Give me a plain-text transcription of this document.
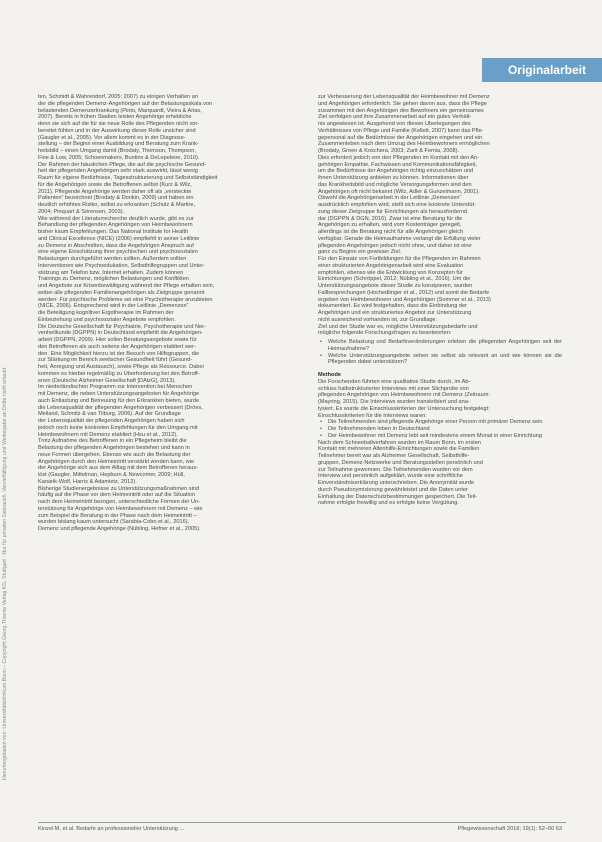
Originalarbeit
Heruntergeladen von: Universitätsklinikum Bonn – Copyright Georg Thieme Verlag KG, Stuttgart · Nur für privaten Gebrauch. Vervielfältigung und Weitergabe an Dritte nicht erlaubt.
ten, Schmidt & Wahrendorf, 2005; 2007) zu einigen Verhalten an
der die pflegenden Demenz-Angehörigen auf der Belastungsskala von
belastenden Demenzerkrankung (Pinto, Marquardt, Vieira & Arias,
2007). Bereits in frühen Stadien leisten Angehörige erhebliche
denn sie sich auf die für sie neue Rolle des Pflegenden nicht vor-
bereitet fühlen und in der Auswirkung dieser Rolle unsicher sind
(Gaugler et al., 2005). Vor allem kommt es in der Diagnose-
stellung – der Beginn einer Ausbildung und Beratung zum Krank-
heitsbild – einen Umgang damit (Brodaty, Thomson, Thompson,
Fine & Low, 2005; Schoenmakers, Buntinx & DeLepeleire, 2010).
Der Rahmen der häuslichen Pflege, die auf die psychische Gesund-
heit der pflegenden Angehörigen sehr stark auswirkt, lässt wenig
Raum für eigene Bedürfnisse, Tagesstrukturierung und Selbstständigkeit
für die Angehörigen sowie die Betroffenen selbst (Kurz & Wilz,
2011). Pflegende Angehörige werden daher oft als „versteckte
Patienten“ bezeichnet (Brodaty & Donkin, 2009) und haben ein
deutlich erhöhtes Risiko, selbst zu erkranken (Schulz & Martire,
2004; Pinquart & Sörensen, 2003).
Wie während der Literaturrecherche deutlich wurde, gibt es zur
Behandlung der pflegenden Angehörigen von Heimbewohnern
bisher kaum Empfehlungen. Das National Institute for Health
and Clinical Excellence (NICE) (2006) empfiehlt in seiner Leitlinie
zu Demenz in Abschnitten, dass die Angehörigen Anspruch auf
eine eigene Einschätzung ihrer psychischen und psychosozialen
Belastungen durchgeführt werden sollten. Außerdem sollten
Interventionen wie Psychoedukation, Selbsthilfegruppen und Unter-
stützung am Telefon bzw. Internet erhalten. Zudem können
Trainings zu Demenz, möglichen Belastungen und Konflikten
und Angebote zur Krisenbewältigung während der Pflege erhalten sein,
wobei alle pflegenden Familienangehörigen als Zielgruppe genannt
werden. Für psychische Probleme sei eine Psychotherapie anzubieten
(NICE, 2006). Entsprechend wird in der Leitlinie „Demenzen“
die Beteiligung kognitiver Ergotherapie im Rahmen der
Einbeziehung und psychosozialer Angebote empfohlen.
Die Deutsche Gesellschaft für Psychiatrie, Psychotherapie und Ner-
venheilkunde (DGPPN) in Deutschland empfiehlt die Angehörigen-
arbeit (DGPPN, 2009). Hier sollen Beratungsangebote sowie für
den Betroffenen als auch seitens der Angehörigen etabliert wer-
den. Eine Möglichkeit hierzu ist der Besuch von Hilfsgruppen, die
zur Stärkung im Bereich seelischer Gesundheit führt (Gesund-
heit, Anregung und Austausch), sowie Pflege als Ressource. Dabei
kommen es hierbei regelmäßig zu Überforderung bei den Betroff-
enen (Deutsche Alzheimer Gesellschaft [DAlzG], 2013).
Im niederländischen Programm zur Intervention bei Menschen
mit Demenz, die neben Unterstützungsangeboten für Angehörige
auch Entlastung und Betreuung für den Erkrankten bieten, wurde
die Lebensqualität der pflegenden Angehörigen verbessert (Dröes,
Meiland, Schmitz & van Tilburg, 2006). Auf der Grundlage
der Lebensqualität der pflegenden Angehörigen haben sich
jedoch noch keine konkreten Empfehlungen für den Umgang mit
Heimbewohnern mit Demenz etabliert (Hsu et al., 2012).
Trotz Aufnahme des Betroffenen in ein Pflegeheim bleibt die
Belastung der pflegenden Angehörigen bestehen und kann in
neue Formen übergehen. Ebenso wie auch die Belastung der
Angehörigen durch den Heimeintritt verstärkt werden kann, wie
der Angehörige sich aus dem Alltag mit dem Betroffenen heraus-
löst (Gaugler, Mittelman, Hepburn & Newcomer, 2009; Hüll,
Kanarik-Wolf, Harris & Adamietz, 2012).
Bisherige Studienergebnisse zu Unterstützungsmaßnahmen sind
häufig auf die Phase vor dem Heimeintritt oder auf die Situation
nach dem Heimeintritt bezogen, unterschiedliche Formen der Un-
terstützung für Angehörige von Heimbewohnern mit Demenz – wie
zum Beispiel die Beratung in der Phase nach dem Heimeintritt –
wurden bislang kaum untersucht (Sarabia-Cobo et al., 2016).
Demenz und pflegende Angehörige (Nübling, Hefner et al., 2005).
zur Verbesserung der Lebensqualität der Heimbewohner mit Demenz
und Angehörigen erforderlich. Sie gehen davon aus, dass die Pflege
zusammen mit den Angehörigen des Bewohners ein gemeinsames
Ziel verfolgen und ihre Zusammenarbeit auf ein gutes Verhält-
nis angewiesen ist. Ausgehend von diesen Überlegungen des
Verhältnisses von Pflege und Familie (Kellett, 2007) kann das Pfle-
gepersonal auf die Bedürfnisse der Angehörigen eingehen und ein
Zusammenleben nach dem Umzug des Heimbewohners ermöglichen
(Brodaty, Green & Koschera, 2003; Zarit & Femia, 2008).
Dies erfordert jedoch von den Pflegenden im Kontakt mit den An-
gehörigen Empathie, Fachwissen und Kommunikationsfähigkeit,
um die Bedürfnisse der Angehörigen richtig einzuschätzen und
ihnen Unterstützung anbieten zu können. Informationen über
das Krankheitsbild und mögliche Versorgungsformen sind den
Angehörigen oft nicht bekannt (Wilz, Adler & Gunzelmann, 2001).
Obwohl die Angehörigenarbeit in der Leitlinie „Demenzen“
ausdrücklich empfohlen wird, stellt sich eine konkrete Unterstüt-
zung dieser Zielgruppe für Einrichtungen als herausfordernd
dar (DGPPN & DGN, 2016). Zwar ist eine Beratung für die
Angehörigen zu erhalten, wird vom Kostenträger geregelt,
allerdings ist die Beratung nicht für alle Angehörigen gleich
verfügbar. Gerade die Heimaufnahme verlangt die Erfüllung vieler
pflegenden Angehörigen jedoch nicht ohne, und daher ist eine
ganz zu Beginn ein gewisser Ziel.
Für den Einsatz von Fortbildungen für die Pflegenden im Rahmen
einer strukturierten Angehörigenarbeit wird eine Evaluation
empfohlen, ebenso wie die Entwicklung von Konzepten für
Einrichtungen (Schröppel, 2012; Nübling et al., 2016). Um die
Unterstützungsangebote dieser Studie zu konzipieren, wurden
Fallbesprechungen (Hochedlinger et al., 2012) und somit die Bedarfe
ergeben von Heimbewohnern und Angehörigen (Sommer et al., 2013)
dokumentiert. Es wird festgehalten, dass die Einbindung der
Angehörigen und ein strukturiertes Angebot zur Unterstützung
nicht ausreichend vorhanden ist, zur Grundlage.
Ziel und der Studie war es, mögliche Unterstützungsbedarfe und
mögliche folgende Forschungsfragen zu beantworten:

• Welche Belastung und Bedarfsveränderungen erleben die pflegenden Angehörigen seit der Heimaufnahme?

• Welche Unterstützungsangebote sehen sie selbst als relevant an und wie können sie die Pflegenden dabei unterstützen?

Methode

Die Forschenden führten eine qualitative Studie durch, im Ab-
schluss halbstrukturierter Interviews mit einer Stichprobe von
pflegenden Angehörigen von Heimbewohnern mit Demenz (Zeitraum:
(Mayring, 2015). Die Interviews wurden transkribiert und ana-
lysiert. Es wurde die Einschlusskriterien der Untersuchung festgelegt:
Einschlusskriterien für die Interviews waren:

• Die Teilnehmenden sind pflegende Angehörige einer Person mit primärer Demenz sein

• Die Teilnehmenden leben in Deutschland

• Der Heimbewohner mit Demenz lebt seit mindestens einem Monat in einer Einrichtung

Nach dem Schneeballverfahren wurden im Raum Bonn, im ersten
Kontakt mit mehreren Altenhilfe-Einrichtungen sowie die Familien
Teilnehmer bereit war als Alzheimer Gesellschaft, Selbsthilfe-
gruppen, Demenz-Netzwerke und Beratungsstellen persönlich und
zur Teilnahme gewonnen. Die Teilnehmenden wurden vor dem
Interview und persönlich aufgeklärt, wurde eine schriftliche
Einverständniserklärung unterschrieben. Die Anonymität wurde
durch Pseudonymisierung gewährleistet und die Daten unter
Einhaltung der Datenschutzbestimmungen gespeichert. Die Teil-
nahme erfolgte freiwillig und es erfolgte keine Vergütung.
Kinzel M, et al. Bedarfe an professioneller Unterstützung ...	Pflegewissenschaft 2018; 19(1): 52–60 63
